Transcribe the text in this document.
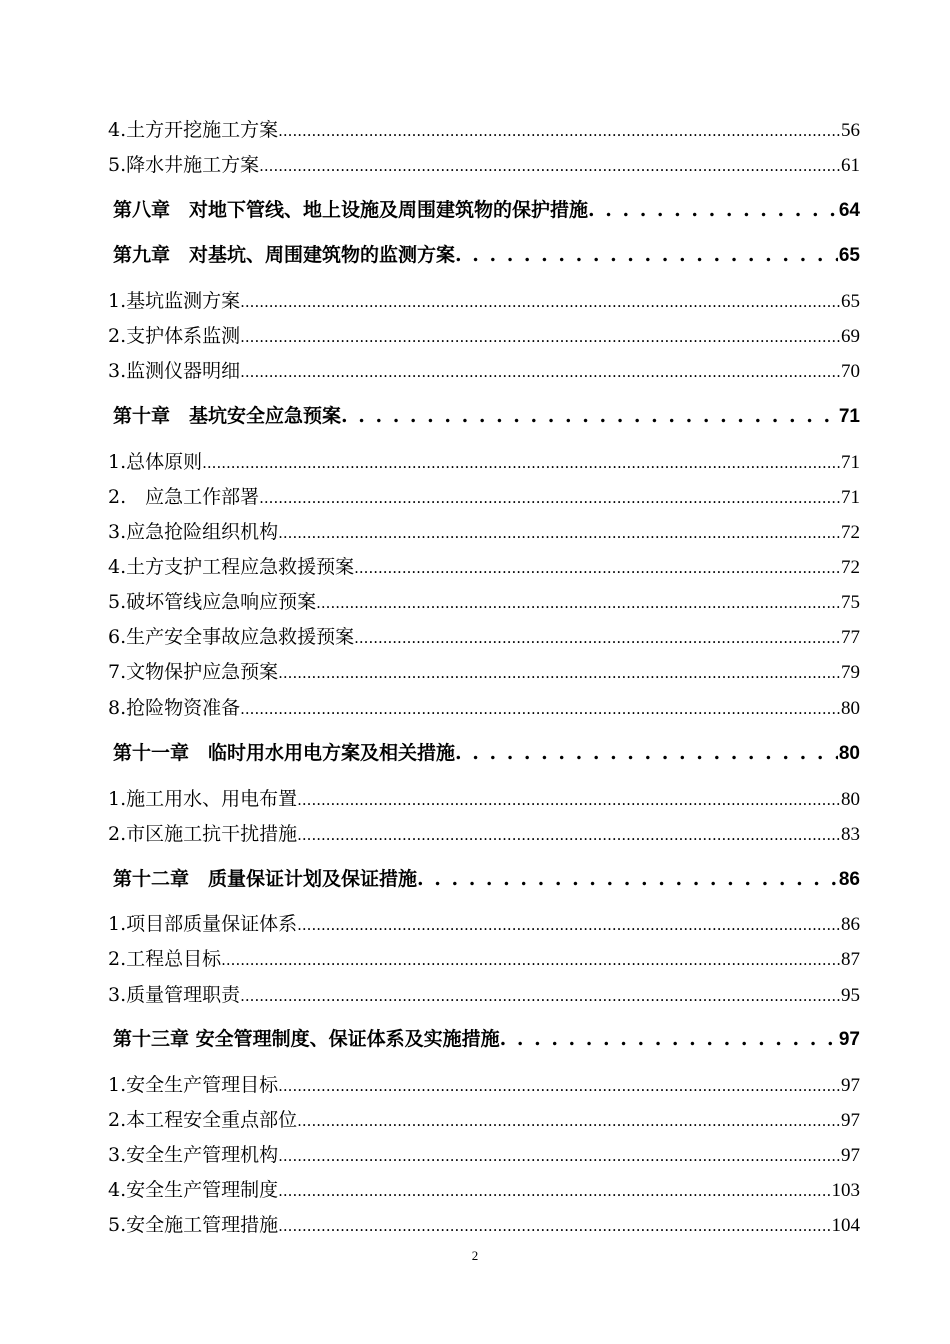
4.土方开挖施工方案 .....	56
5.降水井施工方案 .....	61
第八章　对地下管线、地上设施及周围建筑物的保护措施 . . .	64
第九章　对基坑、周围建筑物的监测方案 . . .	65
1.基坑监测方案 .....	65
2.支护体系监测 .....	69
3.监测仪器明细 .....	70
第十章　基坑安全应急预案 . . .	71
1.总体原则 .....	71
2.　应急工作部署 .....	71
3.应急抢险组织机构 .....	72
4.土方支护工程应急救援预案 .....	72
5.破坏管线应急响应预案 .....	75
6.生产安全事故应急救援预案 .....	77
7.文物保护应急预案 .....	79
8.抢险物资准备 .....	80
第十一章　临时用水用电方案及相关措施 . . .	80
1.施工用水、用电布置 .....	80
2.市区施工抗干扰措施 .....	83
第十二章　质量保证计划及保证措施 . . .	86
1.项目部质量保证体系 .....	86
2.工程总目标 .....	87
3.质量管理职责 .....	95
第十三章 安全管理制度、保证体系及实施措施 . . .	97
1.安全生产管理目标 .....	97
2.本工程安全重点部位 .....	97
3.安全生产管理机构 .....	97
4.安全生产管理制度 .....	103
5.安全施工管理措施 .....	104
2
